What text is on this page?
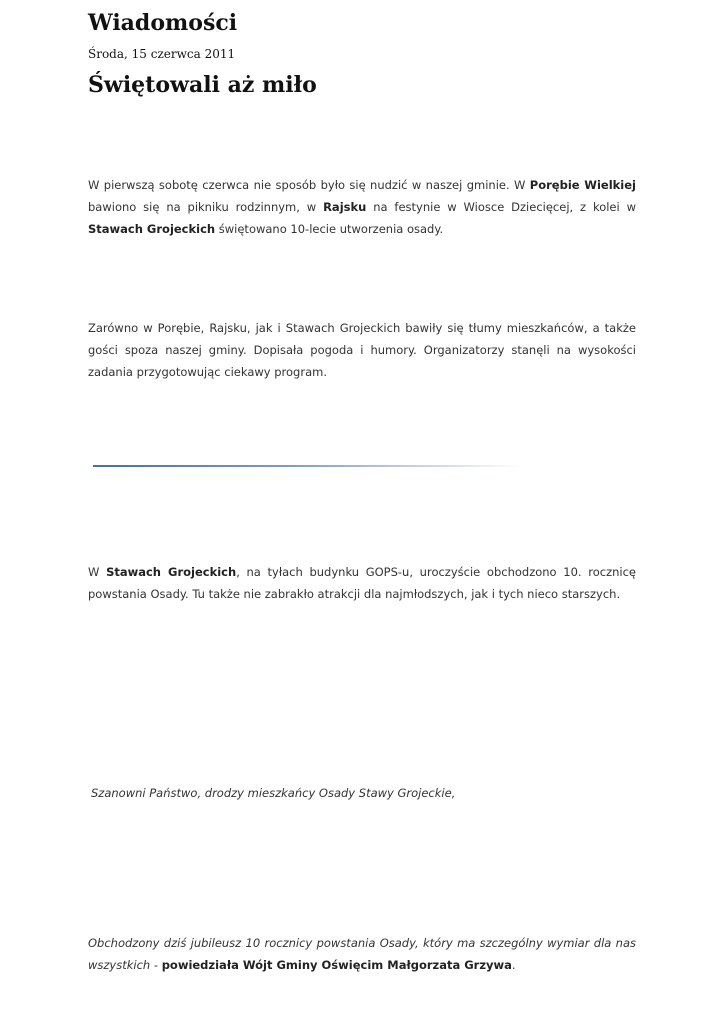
Wiadomości
Środa, 15 czerwca 2011
Świętowali aż miło

W pierwszą sobotę czerwca nie sposób było się nudzić w naszej gminie. W Porębie Wielkiej bawiono się na pikniku rodzinnym, w Rajsku na festynie w Wiosce Dziecięcej, z kolei w Stawach Grojeckich świętowano 10-lecie utworzenia osady.

Zarówno w Porębie, Rajsku, jak i Stawach Grojeckich bawiły się tłumy mieszkańców, a także gości spoza naszej gminy. Dopisała pogoda i humory. Organizatorzy stanęli na wysokości zadania przygotowując ciekawy program.

W Stawach Grojeckich, na tyłach budynku GOPS-u, uroczyście obchodzono 10. rocznicę powstania Osady. Tu także nie zabrakło atrakcji dla najmłodszych, jak i tych nieco starszych.

Szanowni Państwo, drodzy mieszkańcy Osady Stawy Grojeckie,

Obchodzony dziś jubileusz 10 rocznicy powstania Osady, który ma szczególny wymiar dla nas wszystkich - powiedziała Wójt Gminy Oświęcim Małgorzata Grzywa.
